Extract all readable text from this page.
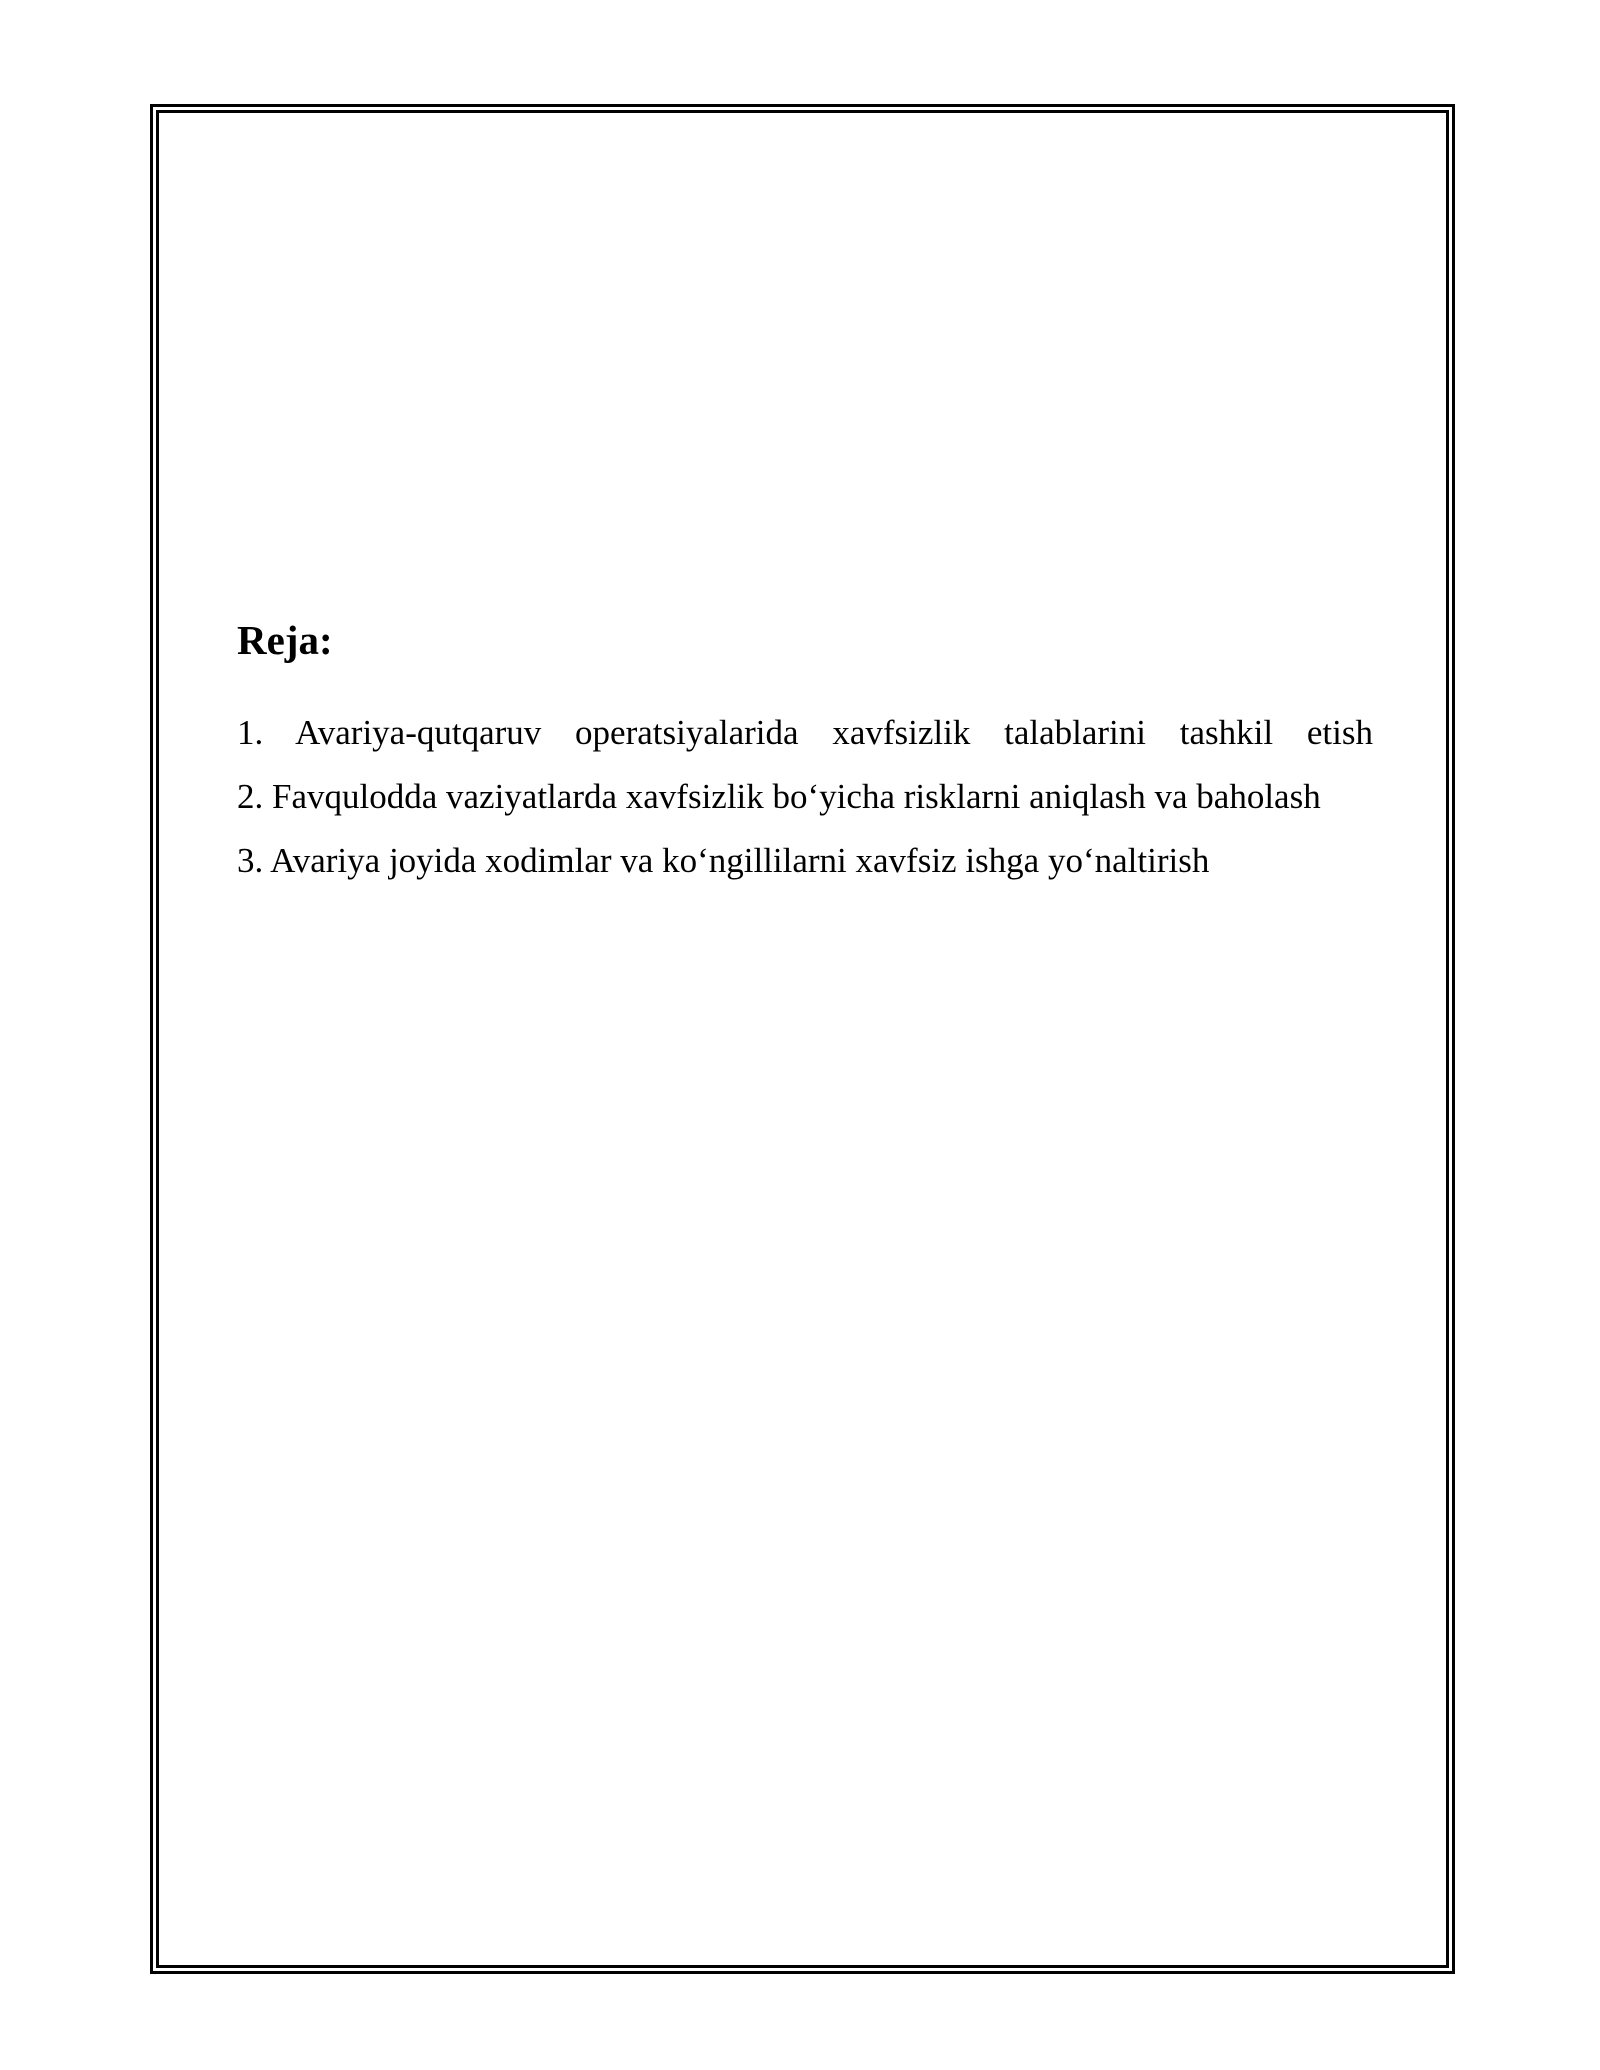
Reja:
1. Avariya-qutqaruv operatsiyalarida xavfsizlik talablarini tashkil etish
2. Favqulodda vaziyatlarda xavfsizlik bo‘yicha risklarni aniqlash va baholash
3. Avariya joyida xodimlar va ko‘ngillilarni xavfsiz ishga yo‘naltirish
